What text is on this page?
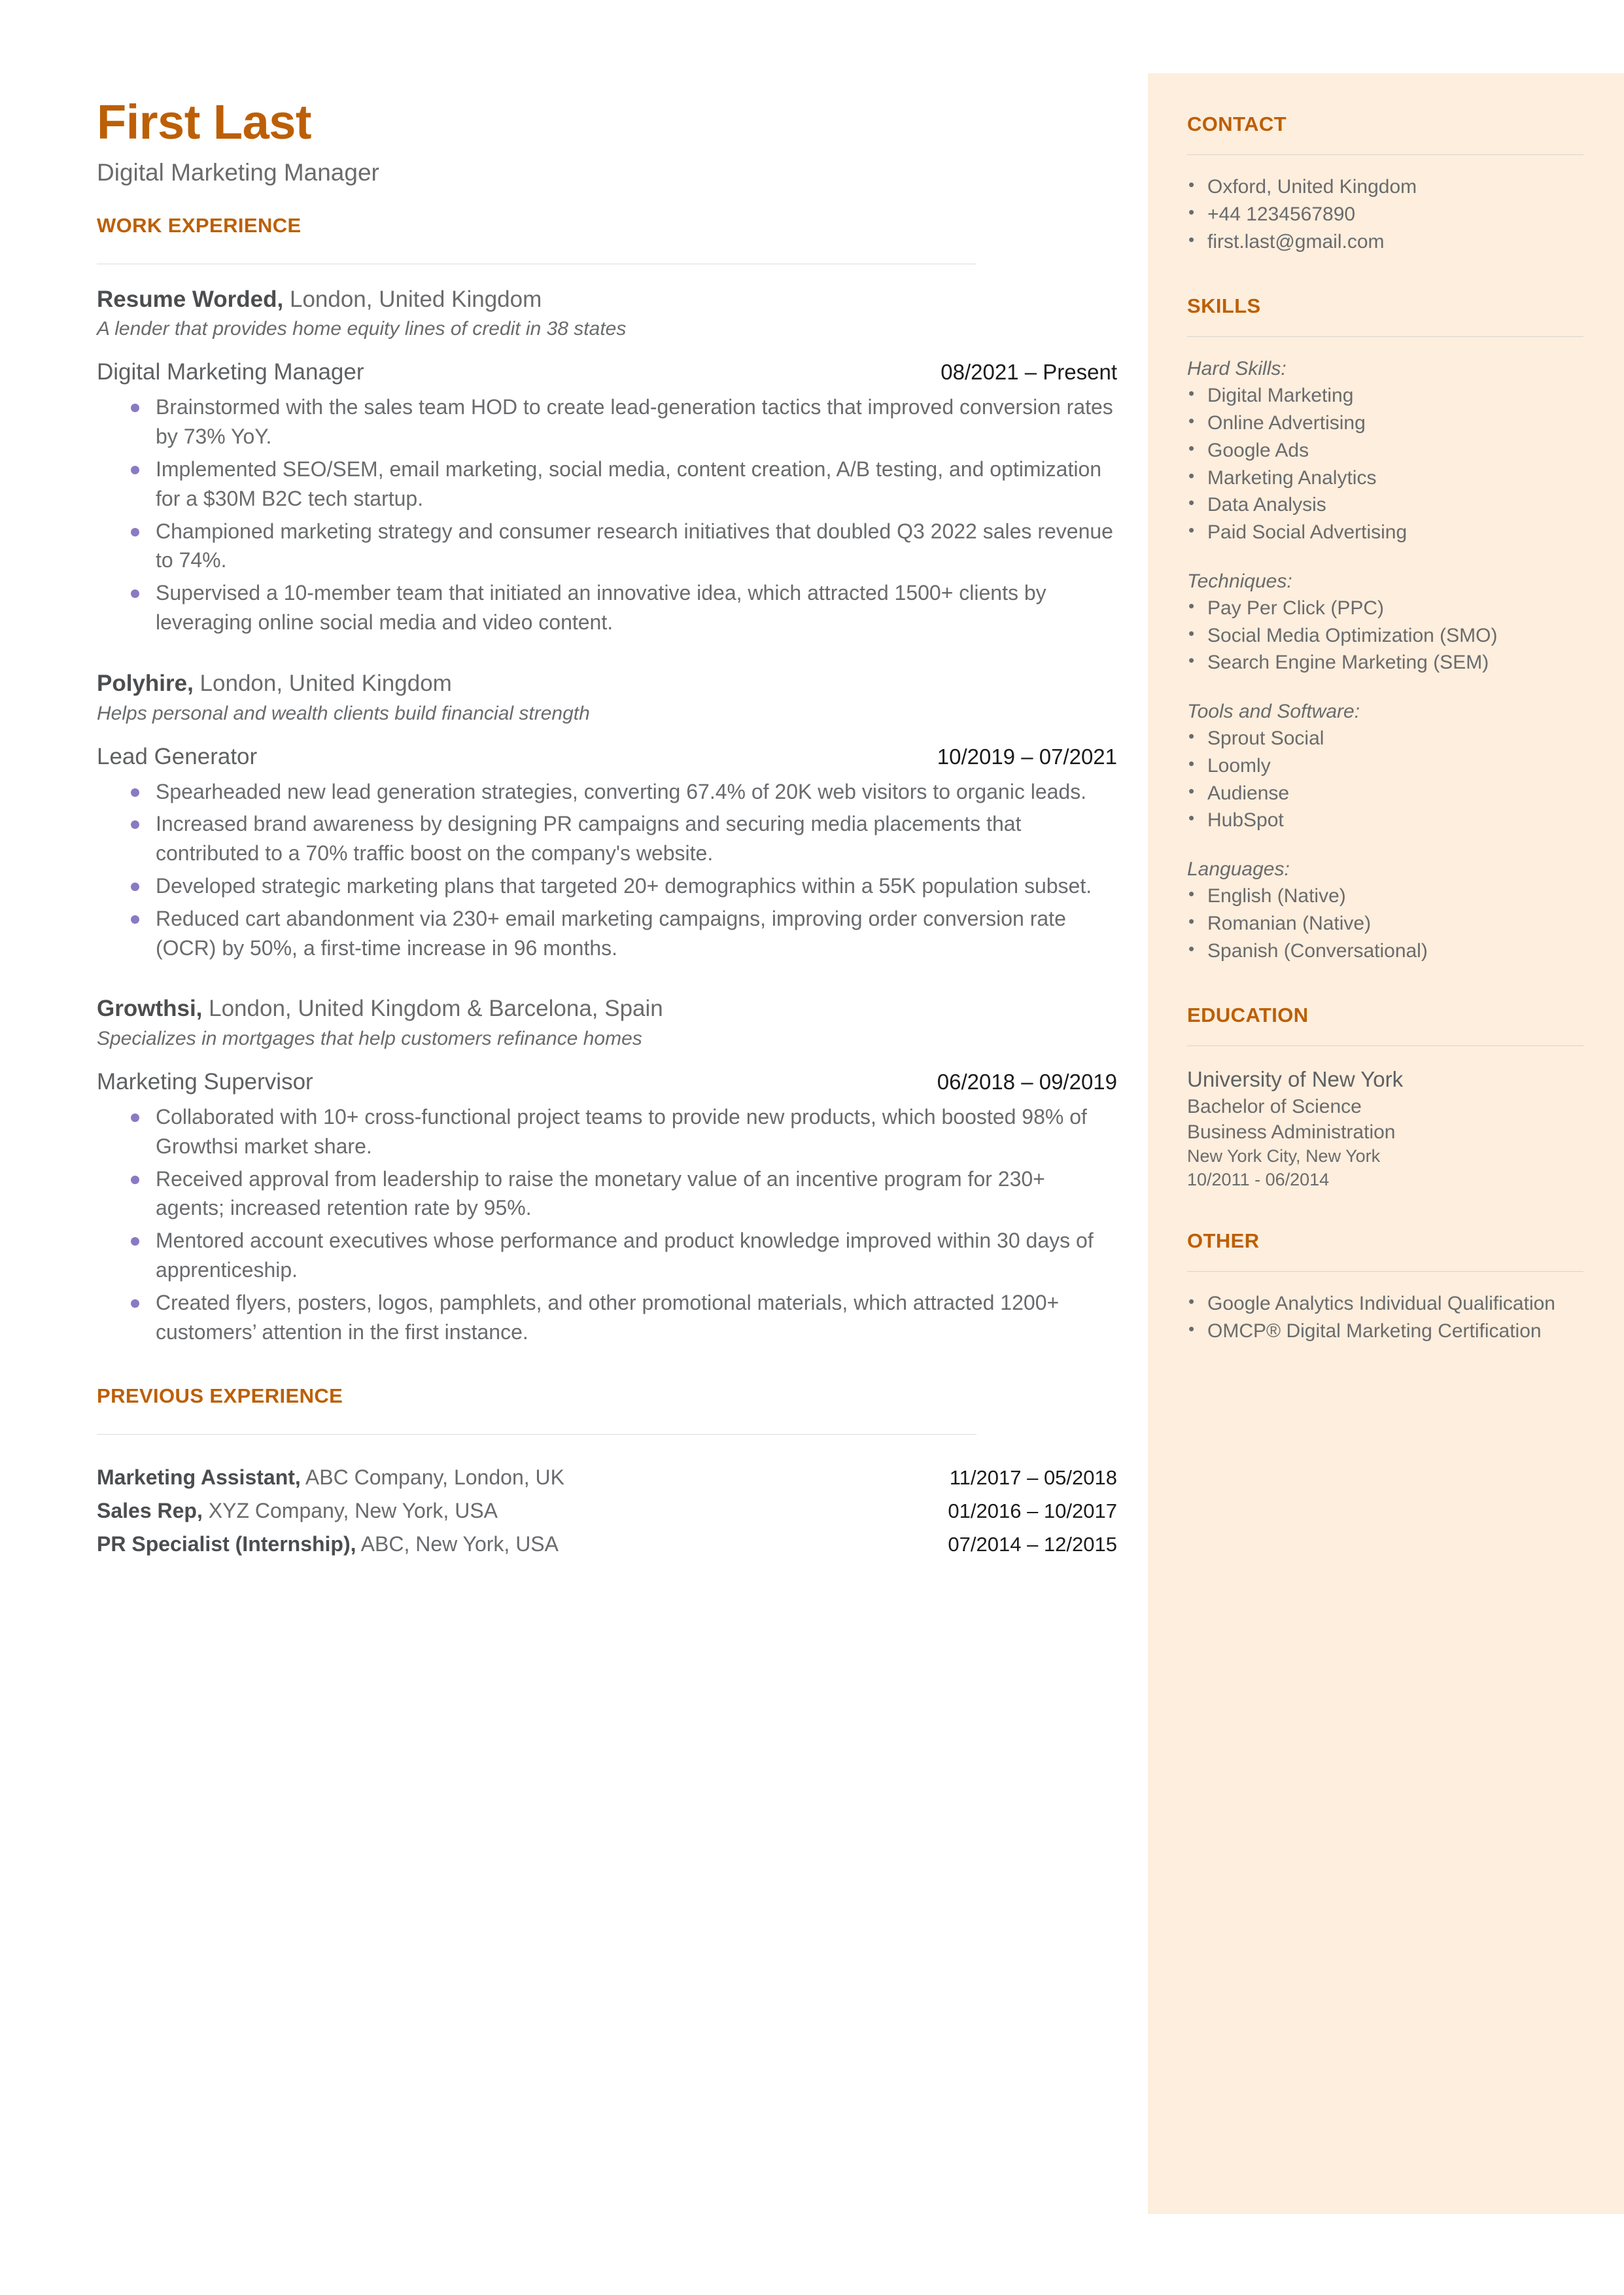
CONTACT
• Oxford, United Kingdom
• +44 1234567890
• first.last@gmail.com
SKILLS

Hard Skills:

• Digital Marketing
• Online Advertising
• Google Ads
• Marketing Analytics
• Data Analysis
• Paid Social Advertising

Techniques:

• Pay Per Click (PPC)
• Social Media Optimization (SMO)
• Search Engine Marketing (SEM)

Tools and Software:

• Sprout Social
• Loomly
• Audiense
• HubSpot

Languages:

• English (Native)
• Romanian (Native)
• Spanish (Conversational)
EDUCATION

University of New York

Bachelor of Science

Business Administration

New York City, New York

10/2011 - 06/2014

OTHER
• Google Analytics Individual Qualification
• OMCP® Digital Marketing Certification
First Last

Digital Marketing Manager

WORK EXPERIENCE

Resume Worded, London, United Kingdom

A lender that provides home equity lines of credit in 38 states

Digital Marketing Manager	08/2021 – Present
Brainstormed with the sales team HOD to create lead-generation tactics that improved conversion rates by 73% YoY.
Implemented SEO/SEM, email marketing, social media, content creation, A/B testing, and optimization for a $30M B2C tech startup.
Championed marketing strategy and consumer research initiatives that doubled Q3 2022 sales revenue to 74%.
Supervised a 10-member team that initiated an innovative idea, which attracted 1500+ clients by leveraging online social media and video content.

Polyhire, London, United Kingdom

Helps personal and wealth clients build financial strength

Lead Generator	10/2019 – 07/2021
Spearheaded new lead generation strategies, converting 67.4% of 20K web visitors to organic leads.
Increased brand awareness by designing PR campaigns and securing media placements that contributed to a 70% traffic boost on the company's website.
Developed strategic marketing plans that targeted 20+ demographics within a 55K population subset.
Reduced cart abandonment via 230+ email marketing campaigns, improving order conversion rate (OCR) by 50%, a first-time increase in 96 months.

Growthsi, London, United Kingdom & Barcelona, Spain

Specializes in mortgages that help customers refinance homes

Marketing Supervisor	06/2018 – 09/2019
Collaborated with 10+ cross-functional project teams to provide new products, which boosted 98% of Growthsi market share.
Received approval from leadership to raise the monetary value of an incentive program for 230+ agents; increased retention rate by 95%.
Mentored account executives whose performance and product knowledge improved within 30 days of apprenticeship.
Created flyers, posters, logos, pamphlets, and other promotional materials, which attracted 1200+ customers’ attention in the first instance.
PREVIOUS EXPERIENCE
Marketing Assistant, ABC Company, London, UK	11/2017 – 05/2018
Sales Rep, XYZ Company, New York, USA	01/2016 – 10/2017
PR Specialist (Internship), ABC, New York, USA	07/2014 – 12/2015
